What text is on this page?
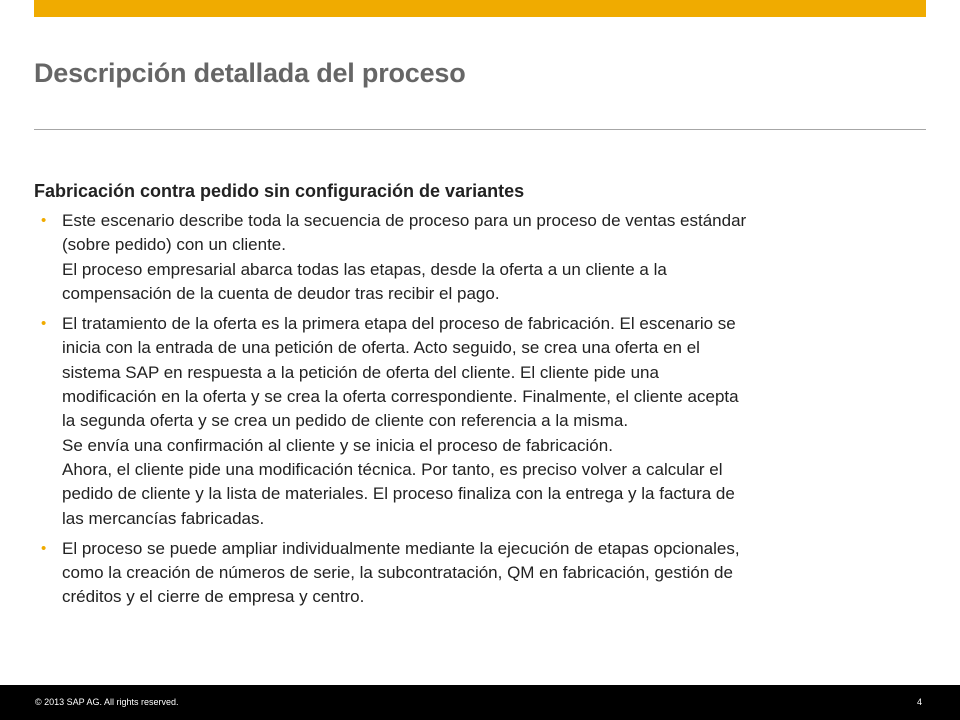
Descripción detallada del proceso
Fabricación contra pedido sin configuración de variantes
• Este escenario describe toda la secuencia de proceso para un proceso de ventas estándar
(sobre pedido) con un cliente.
El proceso empresarial abarca todas las etapas, desde la oferta a un cliente a la
compensación de la cuenta de deudor tras recibir el pago.
• El tratamiento de la oferta es la primera etapa del proceso de fabricación. El escenario se
inicia con la entrada de una petición de oferta. Acto seguido, se crea una oferta en el
sistema SAP en respuesta a la petición de oferta del cliente. El cliente pide una
modificación en la oferta y se crea la oferta correspondiente. Finalmente, el cliente acepta
la segunda oferta y se crea un pedido de cliente con referencia a la misma.
Se envía una confirmación al cliente y se inicia el proceso de fabricación.
Ahora, el cliente pide una modificación técnica. Por tanto, es preciso volver a calcular el
pedido de cliente y la lista de materiales. El proceso finaliza con la entrega y la factura de
las mercancías fabricadas.
• El proceso se puede ampliar individualmente mediante la ejecución de etapas opcionales,
como la creación de números de serie, la subcontratación, QM en fabricación, gestión de
créditos y el cierre de empresa y centro.
© 2013 SAP AG. All rights reserved.	4
